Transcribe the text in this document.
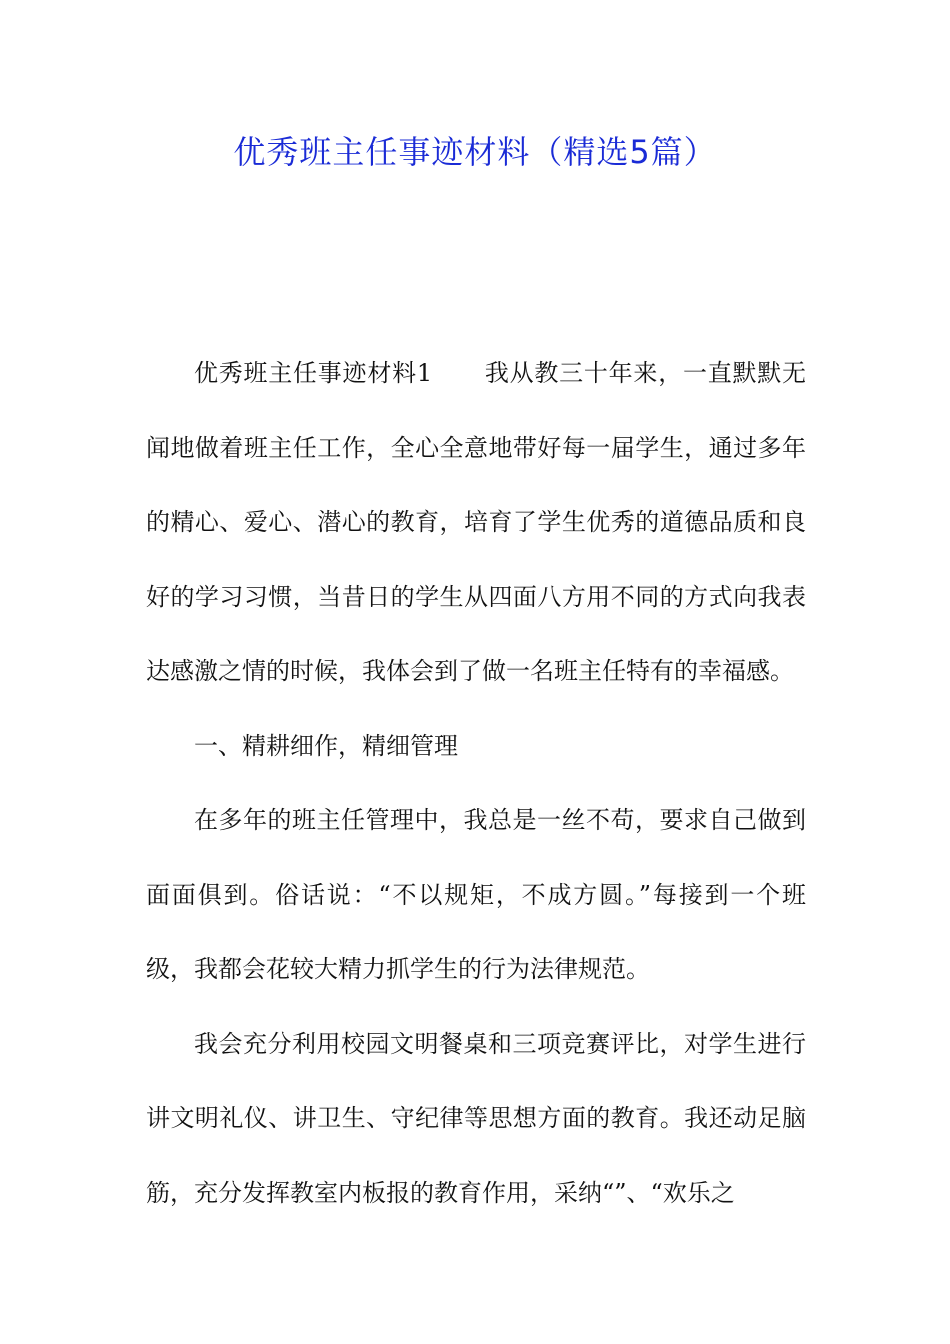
优秀班主任事迹材料（精选5篇）

优秀班主任事迹材料1 我从教三十年来，一直默默无闻地做着班主任工作，全心全意地带好每一届学生，通过多年的精心、爱心、潜心的教育，培育了学生优秀的道德品质和良好的学习习惯，当昔日的学生从四面八方用不同的方式向我表达感激之情的时候，我体会到了做一名班主任特有的幸福感。

一、精耕细作，精细管理

在多年的班主任管理中，我总是一丝不苟，要求自己做到面面俱到。俗话说：“不以规矩，不成方圆。”每接到一个班级，我都会花较大精力抓学生的行为法律规范。

我会充分利用校园文明餐桌和三项竞赛评比，对学生进行讲文明礼仪、讲卫生、守纪律等思想方面的教育。我还动足脑筋，充分发挥教室内板报的教育作用，采纳“”、“欢乐之
